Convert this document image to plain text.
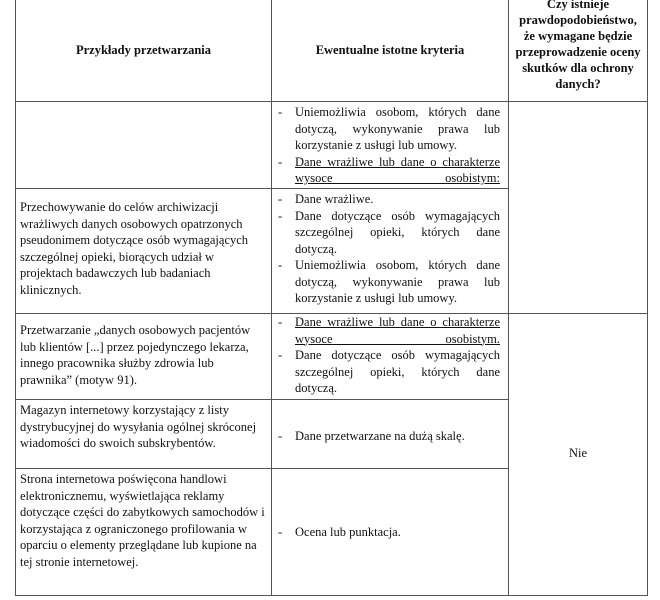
Przykłady przetwarzania	Ewentualne istotne kryteria
Czy istnieje prawdopodobieństwo, że wymagane będzie przeprowadzenie oceny skutków dla ochrony danych?
- Uniemożliwia osobom, których dane dotyczą, wykonywanie prawa lub korzystanie z usługi lub umowy.
- Dane wrażliwe lub dane o charakterze wysoce osobistym:
Przechowywanie do celów archiwizacji wrażliwych danych osobowych opatrzonych pseudonimem dotyczące osób wymagających szczególnej opieki, biorących udział w projektach badawczych lub badaniach klinicznych.
- Dane wrażliwe.
- Dane dotyczące osób wymagających szczególnej opieki, których dane dotyczą.
- Uniemożliwia osobom, których dane dotyczą, wykonywanie prawa lub korzystanie z usługi lub umowy.
Przetwarzanie „danych osobowych pacjentów lub klientów [...] przez pojedynczego lekarza, innego pracownika służby zdrowia lub prawnika” (motyw 91).
- Dane wrażliwe lub dane o charakterze wysoce osobistym.
- Dane dotyczące osób wymagających szczególnej opieki, których dane dotyczą.
Magazyn internetowy korzystający z listy dystrybucyjnej do wysyłania ogólnej skróconej wiadomości do swoich subskrybentów.
-	Dane przetwarzane na dużą skalę.
Strona internetowa poświęcona handlowi elektronicznemu, wyświetlająca reklamy dotyczące części do zabytkowych samochodów i korzystająca z ograniczonego profilowania w oparciu o elementy przeglądane lub kupione na tej stronie internetowej.
- Ocena lub punktacja.
Nie
